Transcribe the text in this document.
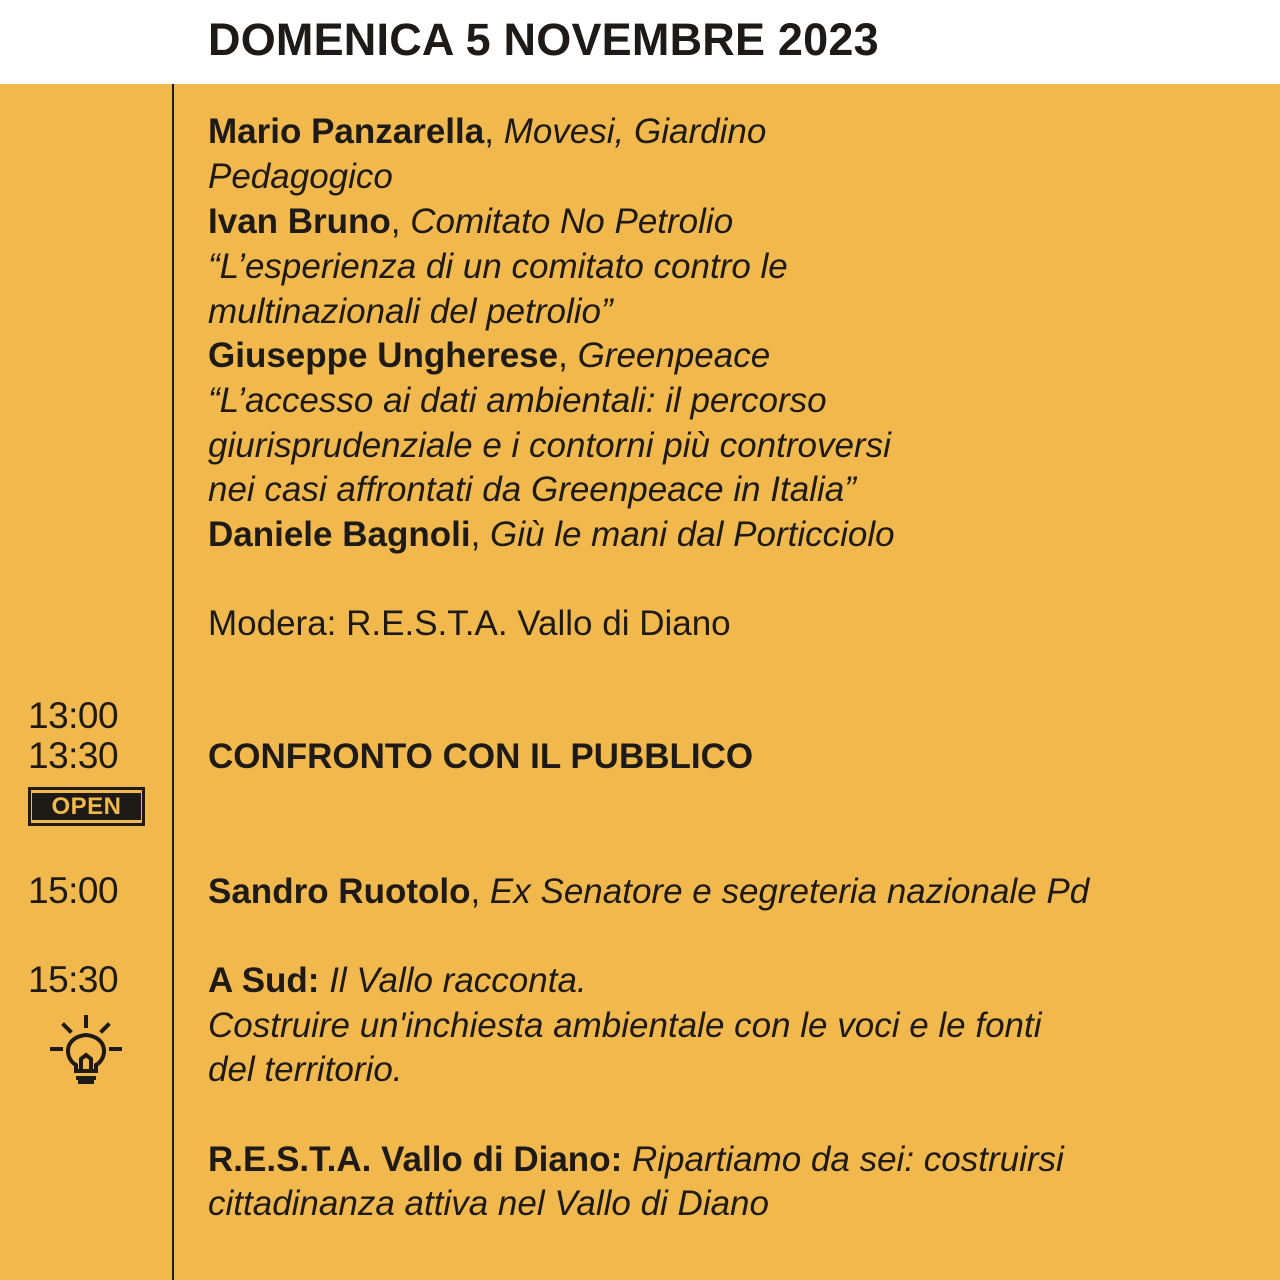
DOMENICA 5 NOVEMBRE 2023
Mario Panzarella, Movesi, Giardino
Pedagogico
Ivan Bruno, Comitato No Petrolio
“L’esperienza di un comitato contro le
multinazionali del petrolio”
Giuseppe Ungherese, Greenpeace
“L’accesso ai dati ambientali: il percorso
giurisprudenziale e i contorni più controversi
nei casi affrontati da Greenpeace in Italia”
Daniele Bagnoli, Giù le mani dal Porticciolo
Modera: R.E.S.T.A. Vallo di Diano
13:00
13:30
OPEN
CONFRONTO CON IL PUBBLICO
15:00	Sandro Ruotolo, Ex Senatore e segreteria nazionale Pd
15:30	A Sud: Il Vallo racconta.
Costruire un'inchiesta ambientale con le voci e le fonti
del territorio.
R.E.S.T.A. Vallo di Diano: Ripartiamo da sei: costruirsi
cittadinanza attiva nel Vallo di Diano
